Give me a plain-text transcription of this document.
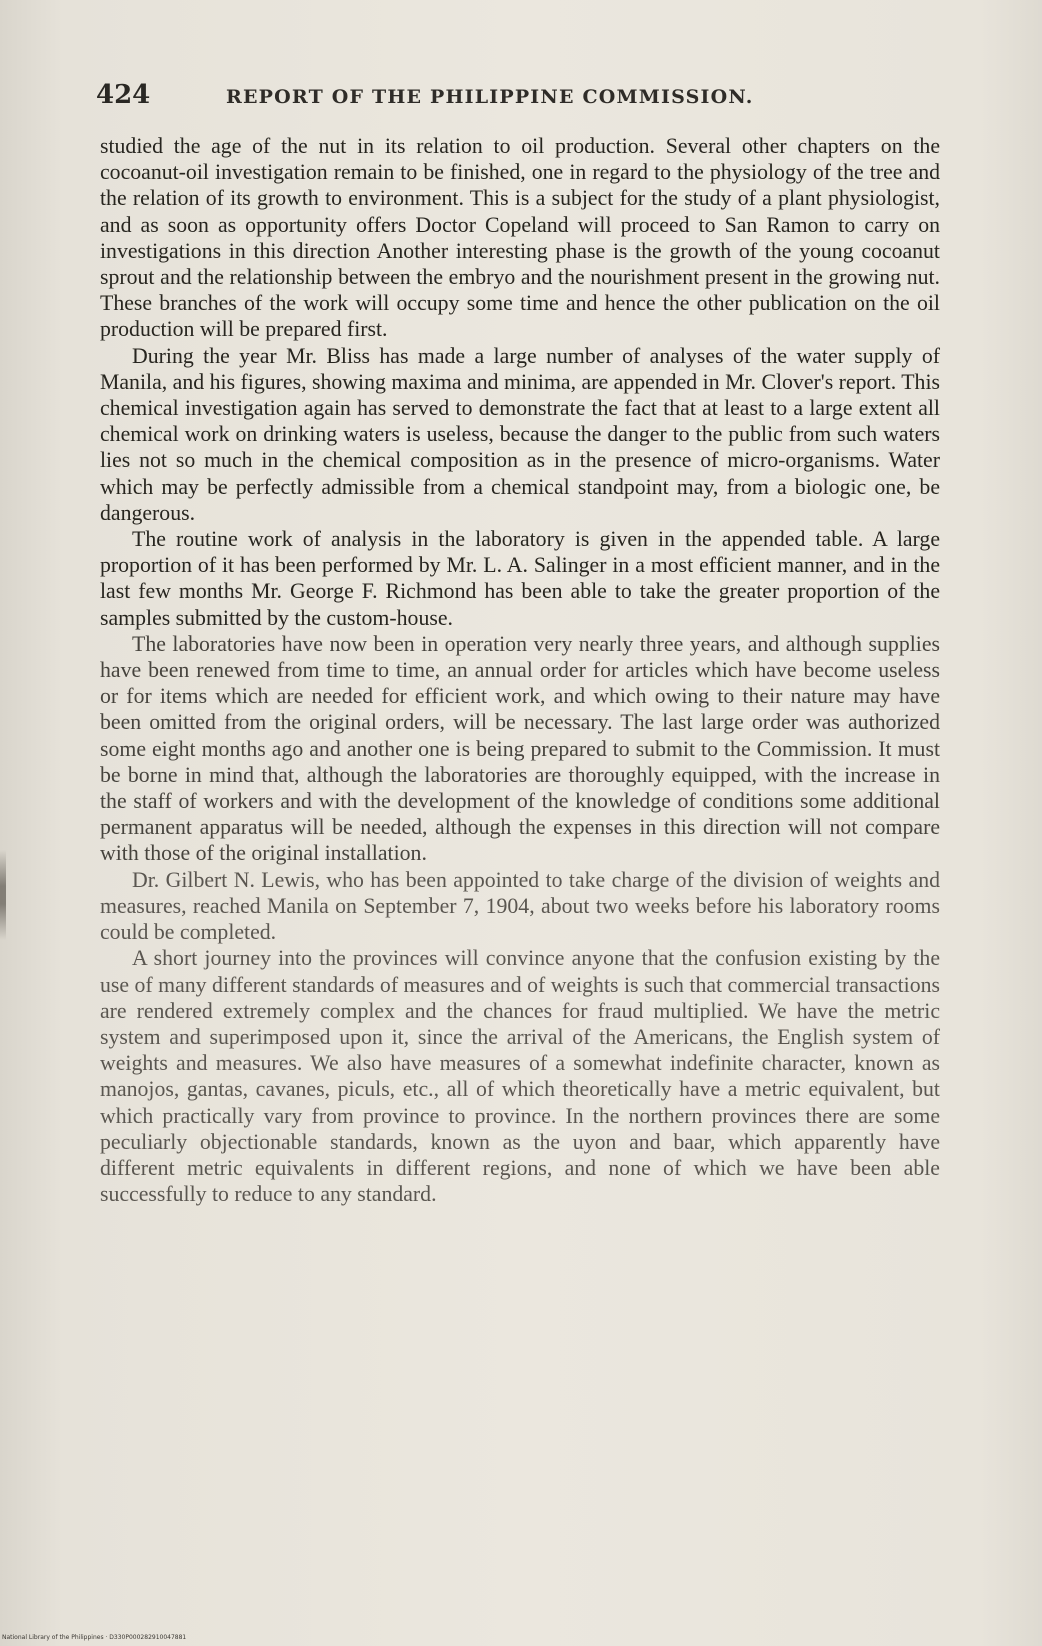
424	REPORT OF THE PHILIPPINE COMMISSION.

studied the age of the nut in its relation to oil production. Several other chapters on the cocoanut-oil investigation remain to be finished, one in regard to the physiology of the tree and the relation of its growth to environment. This is a subject for the study of a plant physiologist, and as soon as opportunity offers Doctor Copeland will proceed to San Ramon to carry on investigations in this direction Another interesting phase is the growth of the young cocoanut sprout and the relationship between the embryo and the nourishment present in the growing nut. These branches of the work will occupy some time and hence the other publication on the oil production will be prepared first.

During the year Mr. Bliss has made a large number of analyses of the water supply of Manila, and his figures, showing maxima and minima, are appended in Mr. Clover's report. This chemical investigation again has served to demonstrate the fact that at least to a large extent all chemical work on drinking waters is useless, because the danger to the public from such waters lies not so much in the chemical composition as in the presence of micro-organisms. Water which may be perfectly admissible from a chemical standpoint may, from a biologic one, be dangerous.

The routine work of analysis in the laboratory is given in the appended table. A large proportion of it has been performed by Mr. L. A. Salinger in a most efficient manner, and in the last few months Mr. George F. Richmond has been able to take the greater proportion of the samples submitted by the custom-house.

The laboratories have now been in operation very nearly three years, and although supplies have been renewed from time to time, an annual order for articles which have become useless or for items which are needed for efficient work, and which owing to their nature may have been omitted from the original orders, will be necessary. The last large order was authorized some eight months ago and another one is being prepared to submit to the Commission. It must be borne in mind that, although the laboratories are thoroughly equipped, with the increase in the staff of workers and with the development of the knowledge of conditions some additional permanent apparatus will be needed, although the expenses in this direction will not compare with those of the original installation.

Dr. Gilbert N. Lewis, who has been appointed to take charge of the division of weights and measures, reached Manila on September 7, 1904, about two weeks before his laboratory rooms could be completed.

A short journey into the provinces will convince anyone that the confusion existing by the use of many different standards of measures and of weights is such that commercial transactions are rendered extremely complex and the chances for fraud multiplied. We have the metric system and superimposed upon it, since the arrival of the Americans, the English system of weights and measures. We also have measures of a somewhat indefinite character, known as manojos, gantas, cavanes, piculs, etc., all of which theoretically have a metric equivalent, but which practically vary from province to province. In the northern provinces there are some peculiarly objectionable standards, known as the uyon and baar, which apparently have different metric equivalents in different regions, and none of which we have been able successfully to reduce to any standard.

National Library of the Philippines · D330P000282910047881
